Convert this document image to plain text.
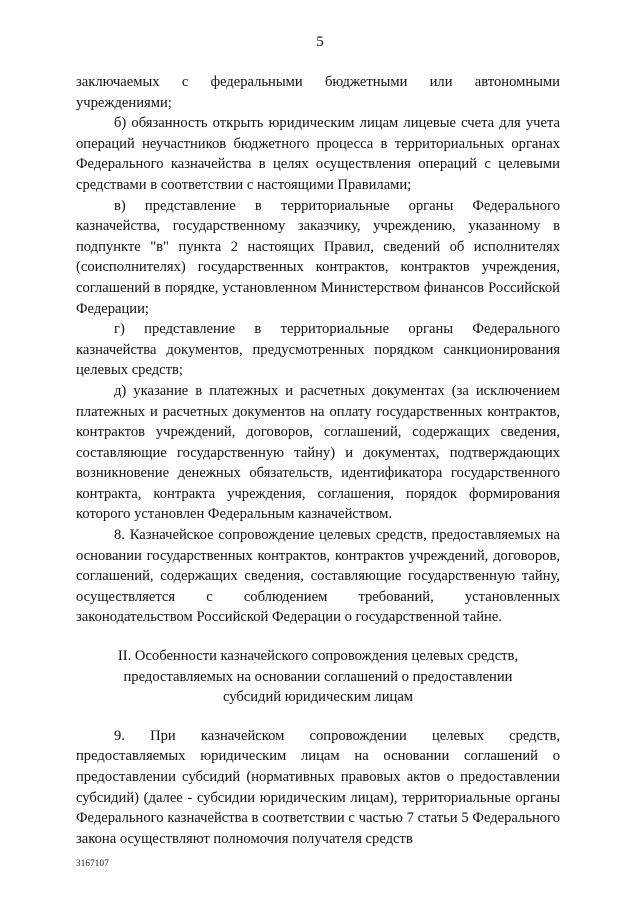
5

заключаемых с федеральными бюджетными или автономными учреждениями;

б) обязанность открыть юридическим лицам лицевые счета для учета операций неучастников бюджетного процесса в территориальных органах Федерального казначейства в целях осуществления операций с целевыми средствами в соответствии с настоящими Правилами;

в) представление в территориальные органы Федерального казначейства, государственному заказчику, учреждению, указанному в подпункте "в" пункта 2 настоящих Правил, сведений об исполнителях (соисполнителях) государственных контрактов, контрактов учреждения, соглашений в порядке, установленном Министерством финансов Российской Федерации;

г) представление в территориальные органы Федерального казначейства документов, предусмотренных порядком санкционирования целевых средств;

д) указание в платежных и расчетных документах (за исключением платежных и расчетных документов на оплату государственных контрактов, контрактов учреждений, договоров, соглашений, содержащих сведения, составляющие государственную тайну) и документах, подтверждающих возникновение денежных обязательств, идентификатора государственного контракта, контракта учреждения, соглашения, порядок формирования которого установлен Федеральным казначейством.

8. Казначейское сопровождение целевых средств, предоставляемых на основании государственных контрактов, контрактов учреждений, договоров, соглашений, содержащих сведения, составляющие государственную тайну, осуществляется с соблюдением требований, установленных законодательством Российской Федерации о государственной тайне.

II. Особенности казначейского сопровождения целевых средств,
предоставляемых на основании соглашений о предоставлении
субсидий юридическим лицам

9. При казначейском сопровождении целевых средств, предоставляемых юридическим лицам на основании соглашений о предоставлении субсидий (нормативных правовых актов о предоставлении субсидий) (далее - субсидии юридическим лицам), территориальные органы Федерального казначейства в соответствии с частью 7 статьи 5 Федерального закона осуществляют полномочия получателя средств

3167107
